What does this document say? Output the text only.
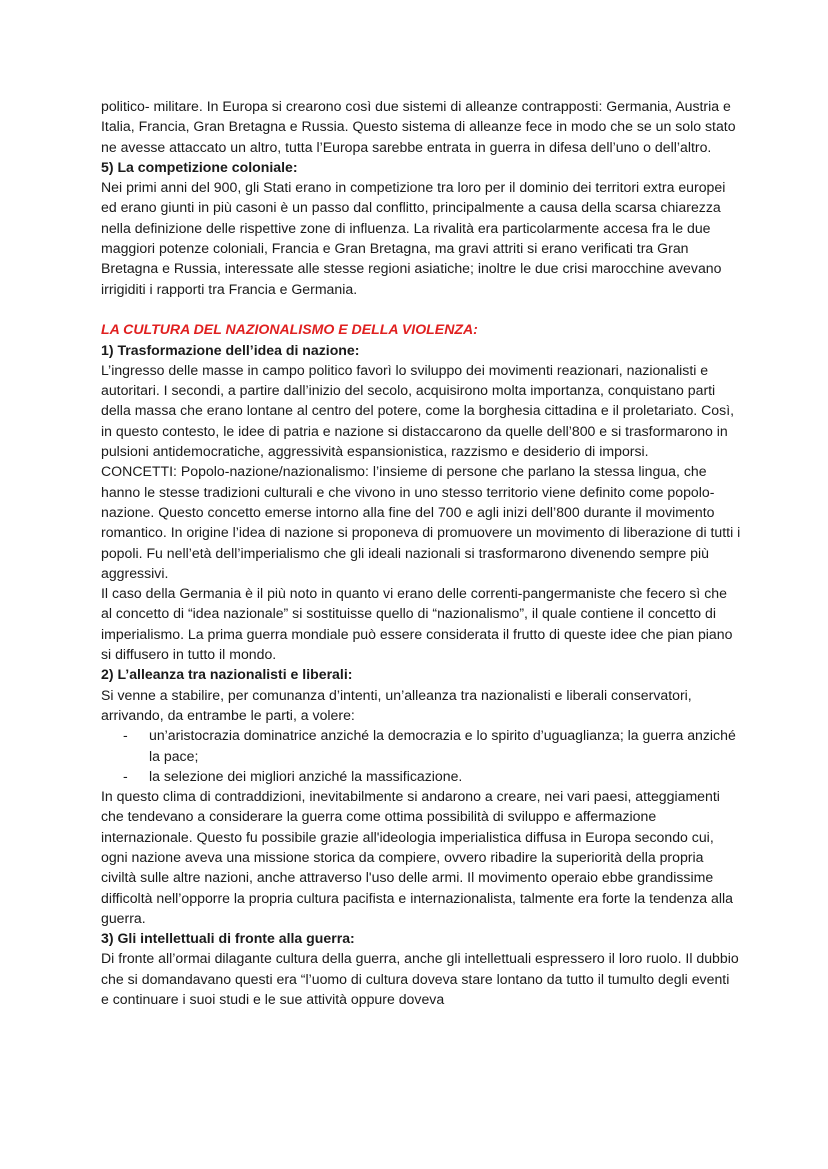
politico- militare. In Europa si crearono così due sistemi di alleanze contrapposti: Germania, Austria e Italia, Francia, Gran Bretagna e Russia. Questo sistema di alleanze fece in modo che se un solo stato ne avesse attaccato un altro, tutta l’Europa sarebbe entrata in guerra in difesa dell’uno o dell’altro.

5) La competizione coloniale:

Nei primi anni del 900, gli Stati erano in competizione tra loro per il dominio dei territori extra europei ed erano giunti in più casoni è un passo dal conflitto, principalmente a causa della scarsa chiarezza nella definizione delle rispettive zone di influenza. La rivalità era particolarmente accesa fra le due maggiori potenze coloniali, Francia e Gran Bretagna, ma gravi attriti si erano verificati tra Gran Bretagna e Russia, interessate alle stesse regioni asiatiche; inoltre le due crisi marocchine avevano irrigiditi i rapporti tra Francia e Germania.

LA CULTURA DEL NAZIONALISMO E DELLA VIOLENZA:

1) Trasformazione dell’idea di nazione:

L’ingresso delle masse in campo politico favorì lo sviluppo dei movimenti reazionari, nazionalisti e autoritari. I secondi, a partire dall’inizio del secolo, acquisirono molta importanza, conquistano parti della massa che erano lontane al centro del potere, come la borghesia cittadina e il proletariato. Così, in questo contesto, le idee di patria e nazione si distaccarono da quelle dell’800 e si trasformarono in pulsioni antidemocratiche, aggressività espansionistica, razzismo e desiderio di imporsi.

CONCETTI: Popolo-nazione/nazionalismo: l’insieme di persone che parlano la stessa lingua, che hanno le stesse tradizioni culturali e che vivono in uno stesso territorio viene definito come popolo- nazione. Questo concetto emerse intorno alla fine del 700 e agli inizi dell’800 durante il movimento romantico. In origine l’idea di nazione si proponeva di promuovere un movimento di liberazione di tutti i popoli. Fu nell’età dell’imperialismo che gli ideali nazionali si trasformarono divenendo sempre più aggressivi.

Il caso della Germania è il più noto in quanto vi erano delle correnti-pangermaniste che fecero sì che al concetto di “idea nazionale” si sostituisse quello di “nazionalismo”, il quale contiene il concetto di imperialismo. La prima guerra mondiale può essere considerata il frutto di queste idee che pian piano si diffusero in tutto il mondo.

2) L’alleanza tra nazionalisti e liberali:

Si venne a stabilire, per comunanza d’intenti, un’alleanza tra nazionalisti e liberali conservatori, arrivando, da entrambe le parti, a volere:

- un’aristocrazia dominatrice anziché la democrazia e lo spirito d’uguaglianza; la guerra anziché la pace;
- la selezione dei migliori anziché la massificazione.

In questo clima di contraddizioni, inevitabilmente si andarono a creare, nei vari paesi, atteggiamenti che tendevano a considerare la guerra come ottima possibilità di sviluppo e affermazione internazionale. Questo fu possibile grazie all'ideologia imperialistica diffusa in Europa secondo cui, ogni nazione aveva una missione storica da compiere, ovvero ribadire la superiorità della propria civiltà sulle altre nazioni, anche attraverso l'uso delle armi. Il movimento operaio ebbe grandissime difficoltà nell’opporre la propria cultura pacifista e internazionalista, talmente era forte la tendenza alla guerra.

3) Gli intellettuali di fronte alla guerra:

Di fronte all’ormai dilagante cultura della guerra, anche gli intellettuali espressero il loro ruolo. Il dubbio che si domandavano questi era “l’uomo di cultura doveva stare lontano da tutto il tumulto degli eventi e continuare i suoi studi e le sue attività oppure doveva
